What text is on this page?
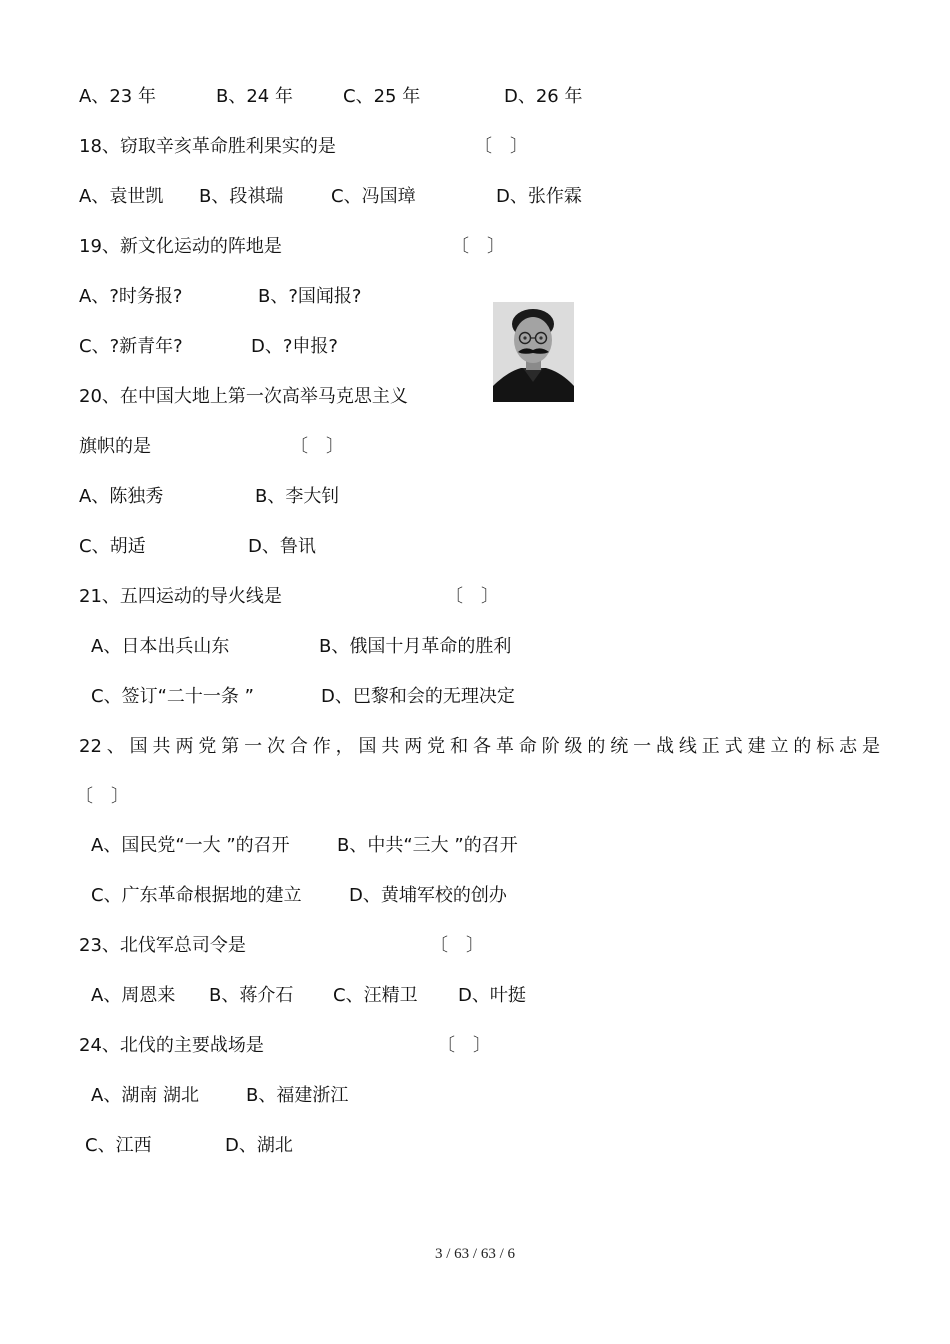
A、23 年	B、24 年	C、25 年	D、26 年
18、窃取辛亥革命胜利果实的是	〔　〕
A、袁世凯 B、段祺瑞	C、冯国璋	D、张作霖
19、新文化运动的阵地是	〔　〕
A、?时务报?	B、?国闻报?
C、?新青年?	D、?申报?
20、在中国大地上第一次高举马克思主义
旗帜的是	〔　〕
A、陈独秀	B、李大钊
C、胡适	D、鲁讯
21、五四运动的导火线是	〔　〕
A、日本出兵山东	B、俄国十月革命的胜利
C、签订“二十一条 ”	D、巴黎和会的无理决定
22、国共两党第一次合作，国共两党和各革命阶级的统一战线正式建立的标志是
〔　〕
A、国民党“一大 ”的召开	B、中共“三大 ”的召开
C、广东革命根据地的建立	D、黄埔军校的创办
23、北伐军总司令是	〔　〕
A、周恩来 B、蒋介石 C、汪精卫 D、叶挺
24、北伐的主要战场是	〔　〕
A、湖南 湖北	B、福建浙江
C、江西	D、湖北
3 / 63 / 63 / 6
